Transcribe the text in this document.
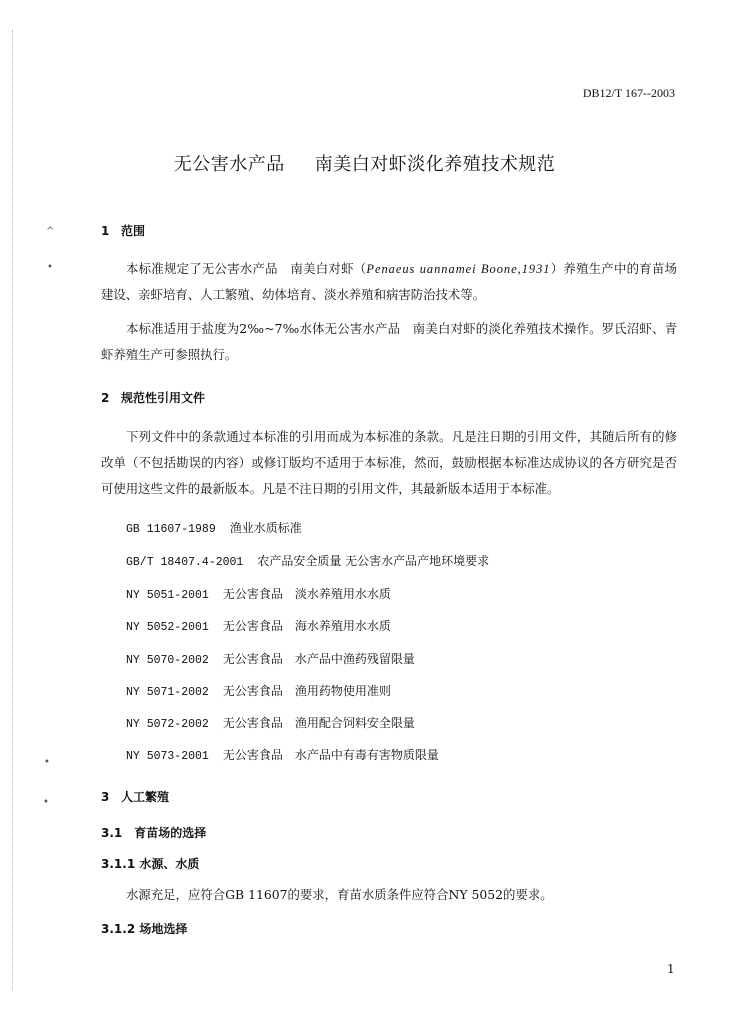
^
•
•
•
DB12/T 167--2003
无公害水产品 南美白对虾淡化养殖技术规范
1 范围
本标准规定了无公害水产品　南美白对虾（Penaeus uannamei Boone,1931）养殖生产中的育苗场建设、亲虾培育、人工繁殖、幼体培育、淡水养殖和病害防治技术等。
本标准适用于盐度为2‰~7‰水体无公害水产品　南美白对虾的淡化养殖技术操作。罗氏沼虾、青虾养殖生产可参照执行。
2 规范性引用文件
下列文件中的条款通过本标准的引用而成为本标准的条款。凡是注日期的引用文件，其随后所有的修改单（不包括勘误的内容）或修订版均不适用于本标准，然而，鼓励根据本标准达成协议的各方研究是否可使用这些文件的最新版本。凡是不注日期的引用文件，其最新版本适用于本标准。
GB 11607-1989 渔业水质标准
GB/T 18407.4-2001 农产品安全质量 无公害水产品产地环境要求
NY 5051-2001 无公害食品　淡水养殖用水水质
NY 5052-2001 无公害食品　海水养殖用水水质
NY 5070-2002 无公害食品　水产品中渔药残留限量
NY 5071-2002 无公害食品　渔用药物使用准则
NY 5072-2002 无公害食品　渔用配合饲料安全限量
NY 5073-2001 无公害食品　水产品中有毒有害物质限量
3 人工繁殖
3.1　育苗场的选择
3.1.1 水源、水质
水源充足，应符合GB 11607的要求，育苗水质条件应符合NY 5052的要求。
3.1.2 场地选择
1
